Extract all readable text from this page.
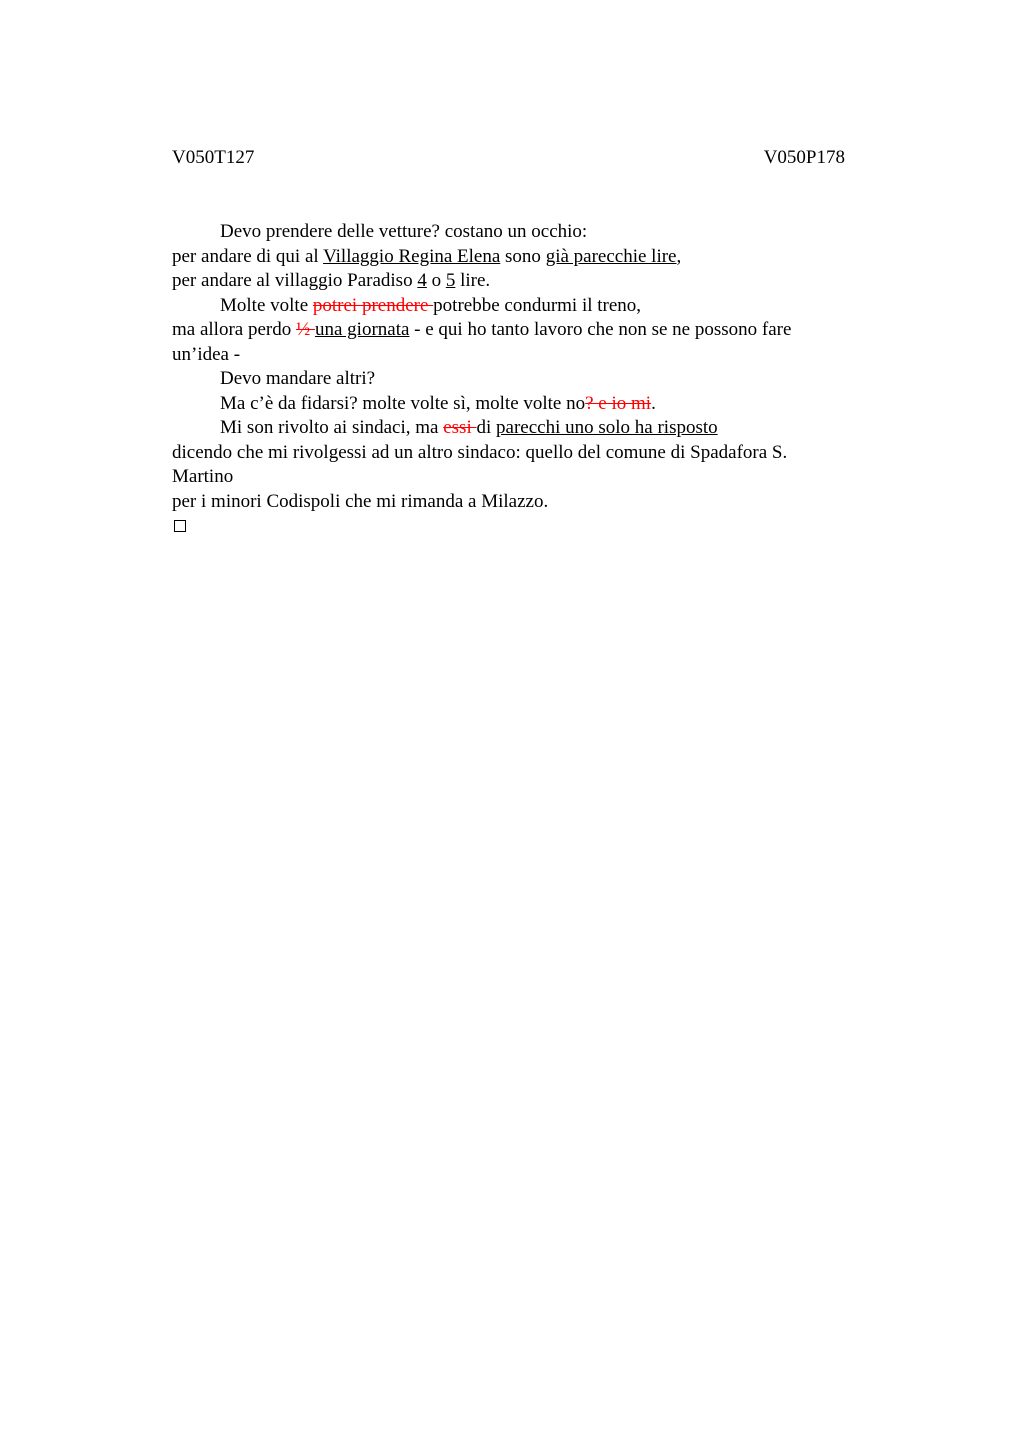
V050T127	V050P178
Devo prendere delle vetture? costano un occhio:
per andare di qui al Villaggio Regina Elena sono già parecchie lire,
per andare al villaggio Paradiso 4 o 5 lire.
Molte volte potrei prendere potrebbe condurmi il treno,
ma allora perdo ½ una giornata - e qui ho tanto lavoro che non se ne possono fare
un’idea -
Devo mandare altri?
Ma c’è da fidarsi? molte volte sì, molte volte no? e io mi.
Mi son rivolto ai sindaci, ma essi di parecchi uno solo ha risposto
dicendo che mi rivolgessi ad un altro sindaco: quello del comune di Spadafora S.
Martino
per i minori Codispoli che mi rimanda a Milazzo.
